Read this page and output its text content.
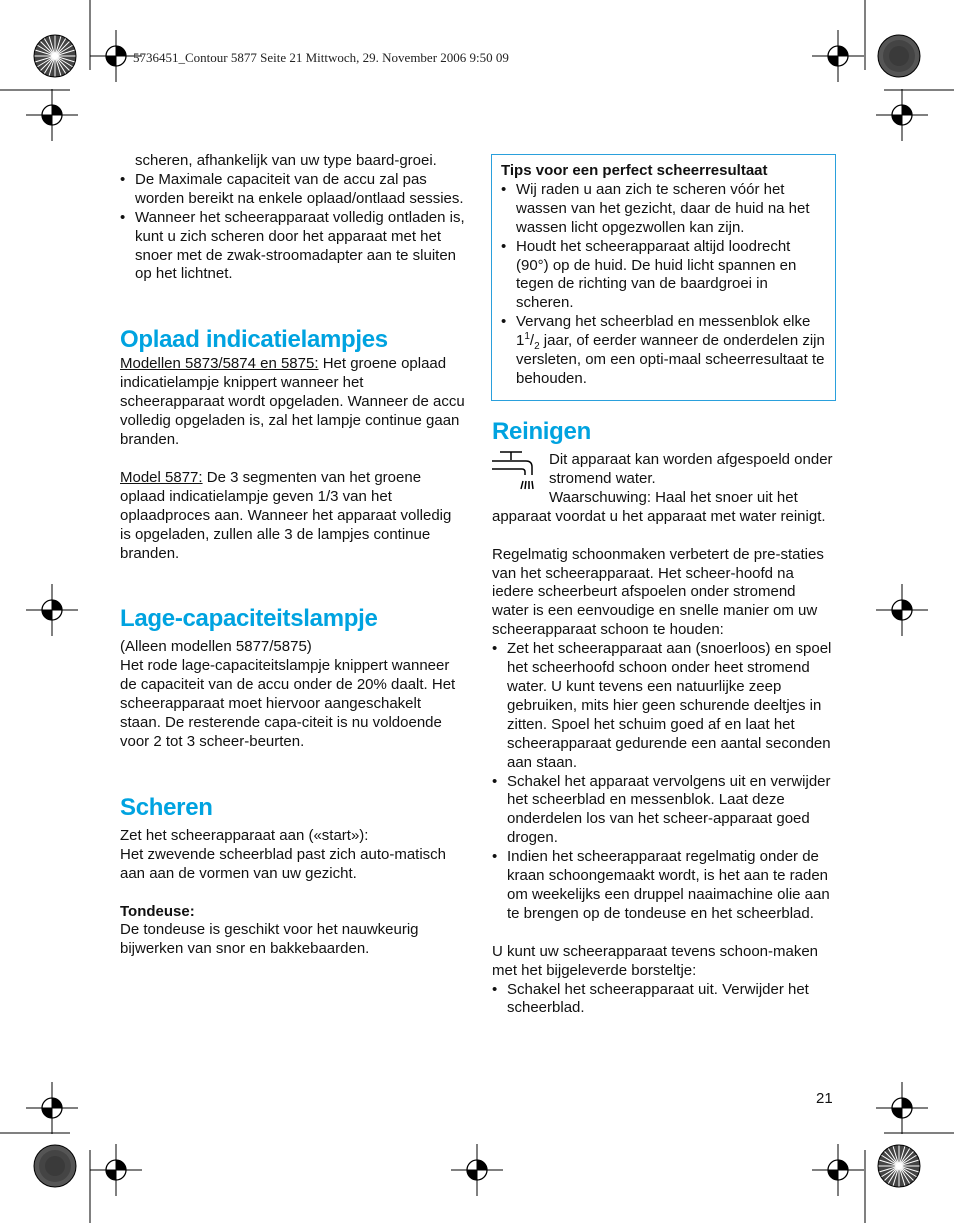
5736451_Contour 5877 Seite 21 Mittwoch, 29. November 2006 9:50 09

scheren, afhankelijk van uw type baard-groei.

• De Maximale capaciteit van de accu zal pas worden bereikt na enkele oplaad/ontlaad sessies.
• Wanneer het scheerapparaat volledig ontladen is, kunt u zich scheren door het apparaat met het snoer met de zwak-stroomadapter aan te sluiten op het lichtnet.
Oplaad indicatielampjes

Modellen 5873/5874 en 5875: Het groene oplaad indicatielampje knippert wanneer het scheerapparaat wordt opgeladen. Wanneer de accu volledig opgeladen is, zal het lampje continue gaan branden.

Model 5877: De 3 segmenten van het groene oplaad indicatielampje geven 1/3 van het oplaadproces aan. Wanneer het apparaat volledig is opgeladen, zullen alle 3 de lampjes continue branden.

Lage-capaciteitslampje

(Alleen modellen 5877/5875)

Het rode lage-capaciteitslampje knippert wanneer de capaciteit van de accu onder de 20% daalt. Het scheerapparaat moet hiervoor aangeschakelt staan. De resterende capa-citeit is nu voldoende voor 2 tot 3 scheer-beurten.

Scheren

Zet het scheerapparaat aan («start»):

Het zwevende scheerblad past zich auto-matisch aan aan de vormen van uw gezicht.

Tondeuse:

De tondeuse is geschikt voor het nauwkeurig bijwerken van snor en bakkebaarden.

Tips voor een perfect scheerresultaat

• Wij raden u aan zich te scheren vóór het wassen van het gezicht, daar de huid na het wassen licht opgezwollen kan zijn.
• Houdt het scheerapparaat altijd loodrecht (90°) op de huid. De huid licht spannen en tegen de richting van de baardgroei in scheren.
• Vervang het scheerblad en messenblok elke $1^1/_2$ jaar, of eerder wanneer de onderdelen zijn versleten, om een opti-maal scheerresultaat te behouden.
Reinigen

Dit apparaat kan worden afgespoeld onder stromend water.

Waarschuwing: Haal het snoer uit het apparaat voordat u het apparaat met water reinigt.

Regelmatig schoonmaken verbetert de pre-staties van het scheerapparaat. Het scheer-hoofd na iedere scheerbeurt afspoelen onder stromend water is een eenvoudige en snelle manier om uw scheerapparaat schoon te houden:

• Zet het scheerapparaat aan (snoerloos) en spoel het scheerhoofd schoon onder heet stromend water. U kunt tevens een natuurlijke zeep gebruiken, mits hier geen schurende deeltjes in zitten. Spoel het schuim goed af en laat het scheerapparaat gedurende een aantal seconden aan staan.
• Schakel het apparaat vervolgens uit en verwijder het scheerblad en messenblok. Laat deze onderdelen los van het scheer-apparaat goed drogen.
• Indien het scheerapparaat regelmatig onder de kraan schoongemaakt wordt, is het aan te raden om weekelijks een druppel naaimachine olie aan te brengen op de tondeuse en het scheerblad.

U kunt uw scheerapparaat tevens schoon-maken met het bijgeleverde borsteltje:

• Schakel het scheerapparaat uit. Verwijder het scheerblad.
21
